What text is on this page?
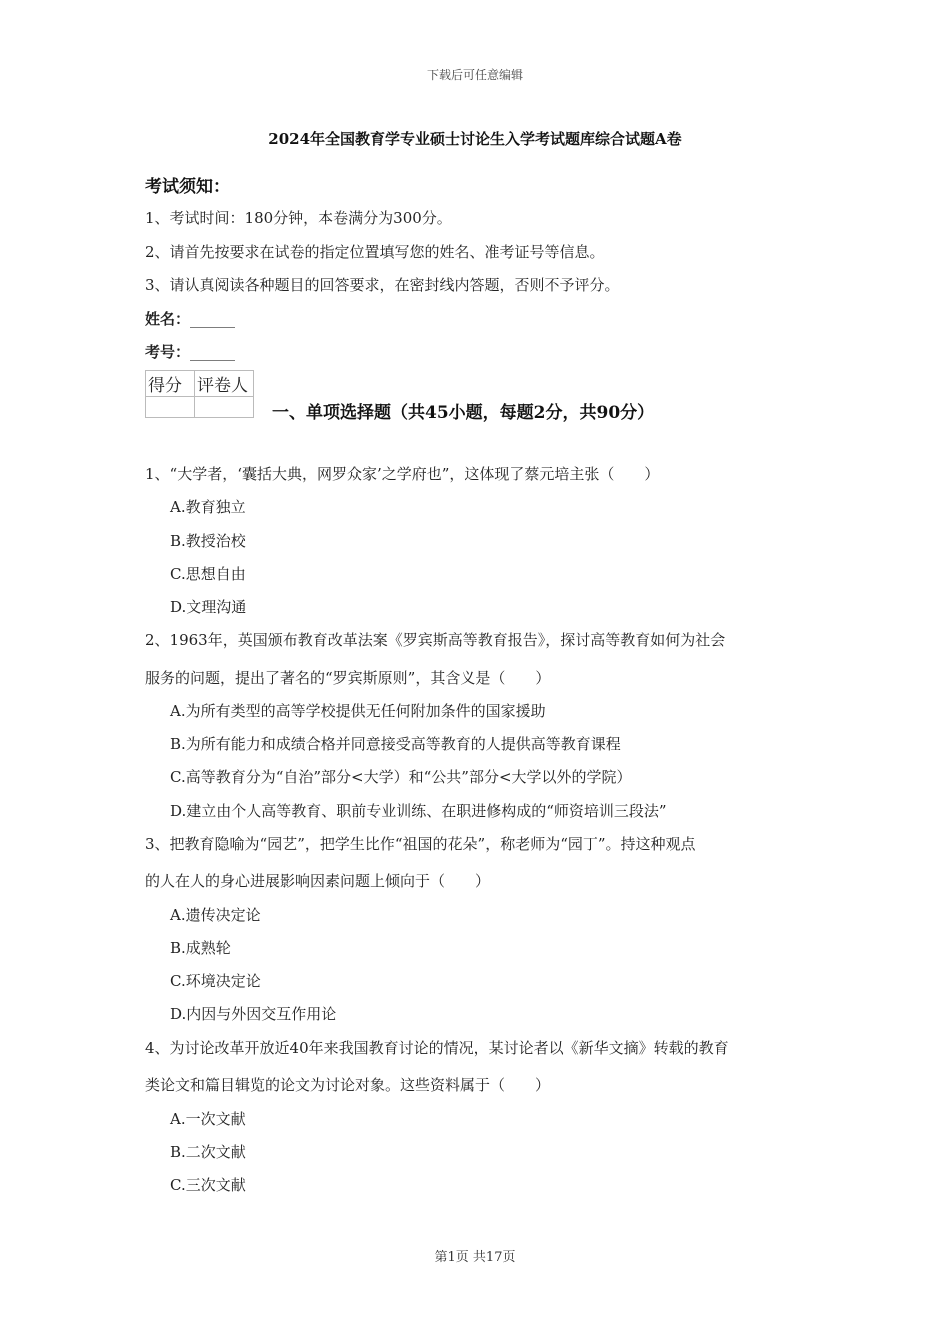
下载后可任意编辑
2024年全国教育学专业硕士讨论生入学考试题库综合试题A卷
考试须知：
1、考试时间：180分钟，本卷满分为300分。
2、请首先按要求在试卷的指定位置填写您的姓名、准考证号等信息。
3、请认真阅读各种题目的回答要求，在密封线内答题，否则不予评分。
姓名：______
考号：______
得分	评卷人

一、单项选择题（共45小题，每题2分，共90分）
1、“大学者，‘囊括大典，网罗众家’之学府也”，这体现了蔡元培主张（　　）
A.教育独立
B.教授治校
C.思想自由
D.文理沟通
2、1963年，英国颁布教育改革法案《罗宾斯高等教育报告》，探讨高等教育如何为社会
服务的问题，提出了著名的“罗宾斯原则”，其含义是（　　）
A.为所有类型的高等学校提供无任何附加条件的国家援助
B.为所有能力和成绩合格并同意接受高等教育的人提供高等教育课程
C.高等教育分为“自治”部分<大学）和“公共”部分<大学以外的学院）
D.建立由个人高等教育、职前专业训练、在职进修构成的“师资培训三段法”
3、把教育隐喻为“园艺”，把学生比作“祖国的花朵”，称老师为“园丁”。持这种观点
的人在人的身心进展影响因素问题上倾向于（　　）
A.遗传决定论
B.成熟轮
C.环境决定论
D.内因与外因交互作用论
4、为讨论改革开放近40年来我国教育讨论的情况，某讨论者以《新华文摘》转载的教育
类论文和篇目辑览的论文为讨论对象。这些资料属于（　　）
A.一次文献
B.二次文献
C.三次文献
第1页 共17页
